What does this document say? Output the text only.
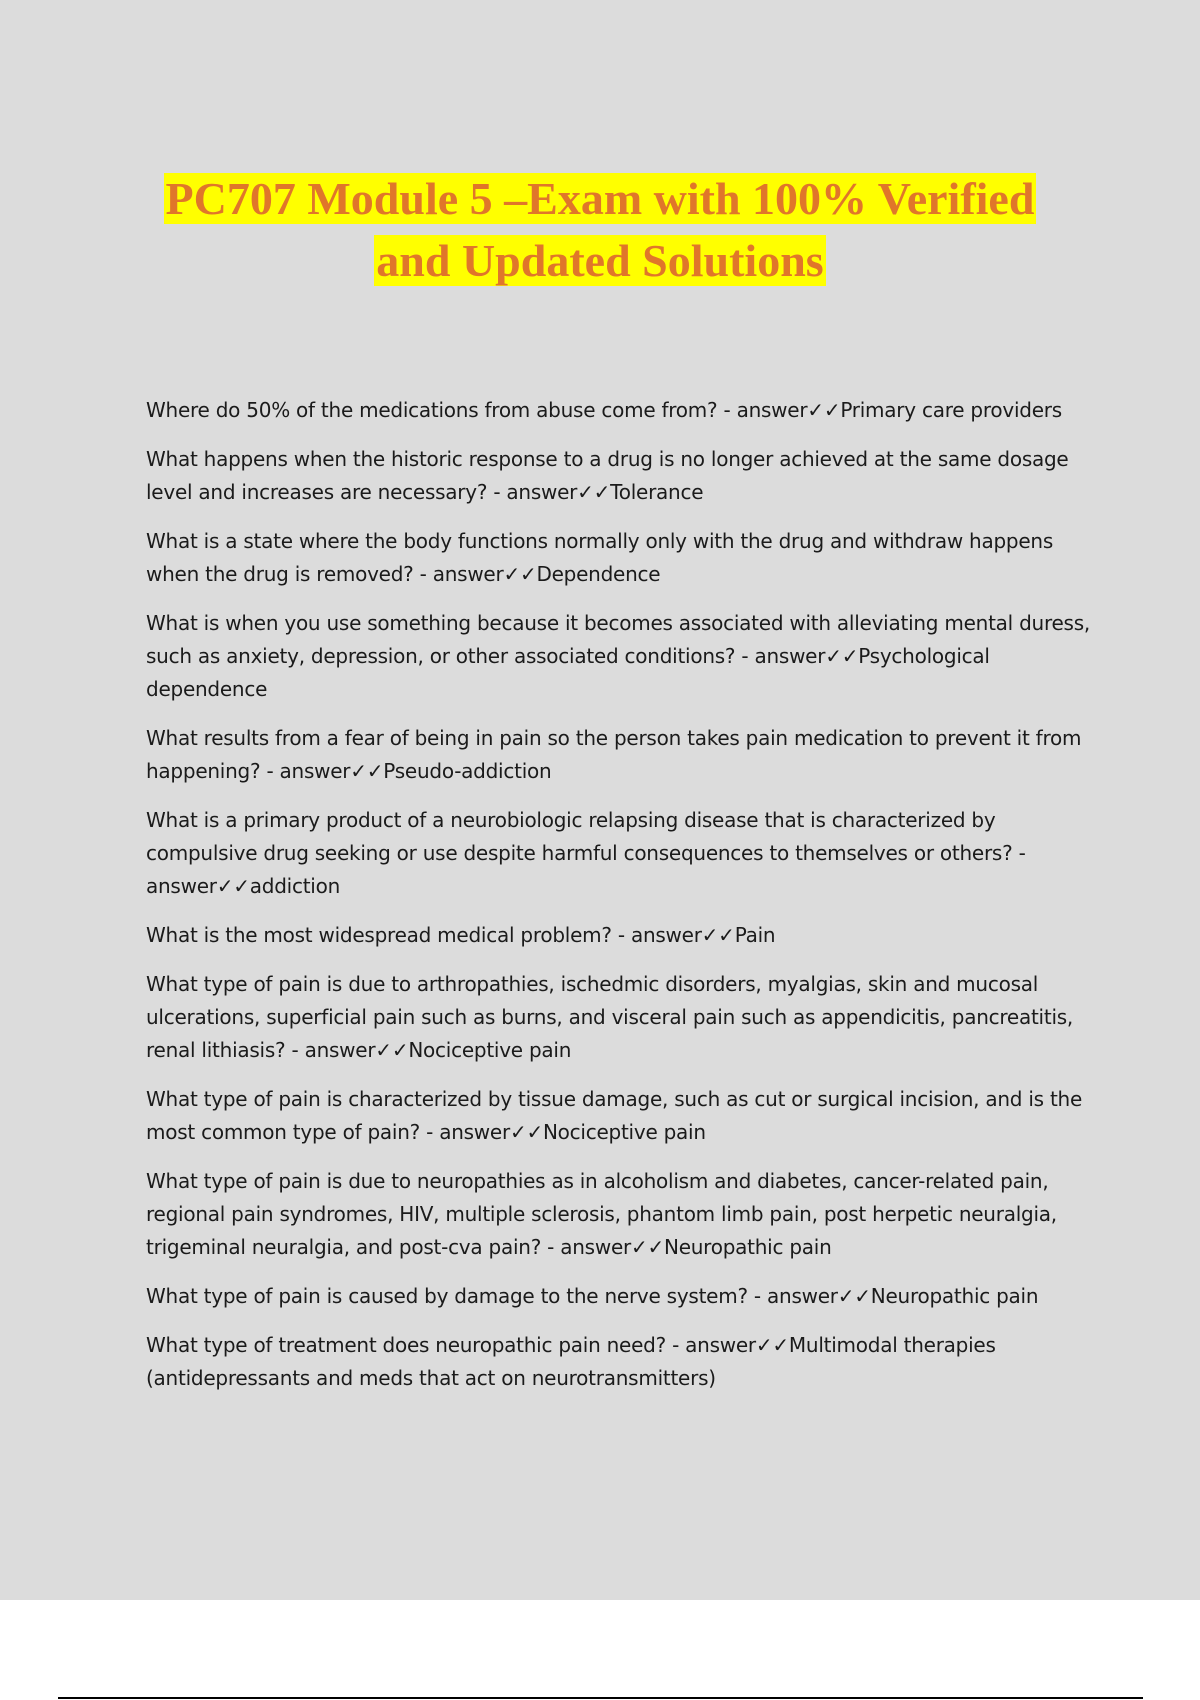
PC707 Module 5 –Exam with 100% Verified
and Updated Solutions

Where do 50% of the medications from abuse come from? - answer✓✓Primary care providers

What happens when the historic response to a drug is no longer achieved at the same dosage level and increases are necessary? - answer✓✓Tolerance

What is a state where the body functions normally only with the drug and withdraw happens when the drug is removed? - answer✓✓Dependence

What is when you use something because it becomes associated with alleviating mental duress, such as anxiety, depression, or other associated conditions? - answer✓✓Psychological dependence

What results from a fear of being in pain so the person takes pain medication to prevent it from happening? - answer✓✓Pseudo-addiction

What is a primary product of a neurobiologic relapsing disease that is characterized by compulsive drug seeking or use despite harmful consequences to themselves or others? - answer✓✓addiction

What is the most widespread medical problem? - answer✓✓Pain

What type of pain is due to arthropathies, ischedmic disorders, myalgias, skin and mucosal ulcerations, superficial pain such as burns, and visceral pain such as appendicitis, pancreatitis, renal lithiasis? - answer✓✓Nociceptive pain

What type of pain is characterized by tissue damage, such as cut or surgical incision, and is the most common type of pain? - answer✓✓Nociceptive pain

What type of pain is due to neuropathies as in alcoholism and diabetes, cancer-related pain, regional pain syndromes, HIV, multiple sclerosis, phantom limb pain, post herpetic neuralgia, trigeminal neuralgia, and post-cva pain? - answer✓✓Neuropathic pain

What type of pain is caused by damage to the nerve system? - answer✓✓Neuropathic pain

What type of treatment does neuropathic pain need? - answer✓✓Multimodal therapies (antidepressants and meds that act on neurotransmitters)
